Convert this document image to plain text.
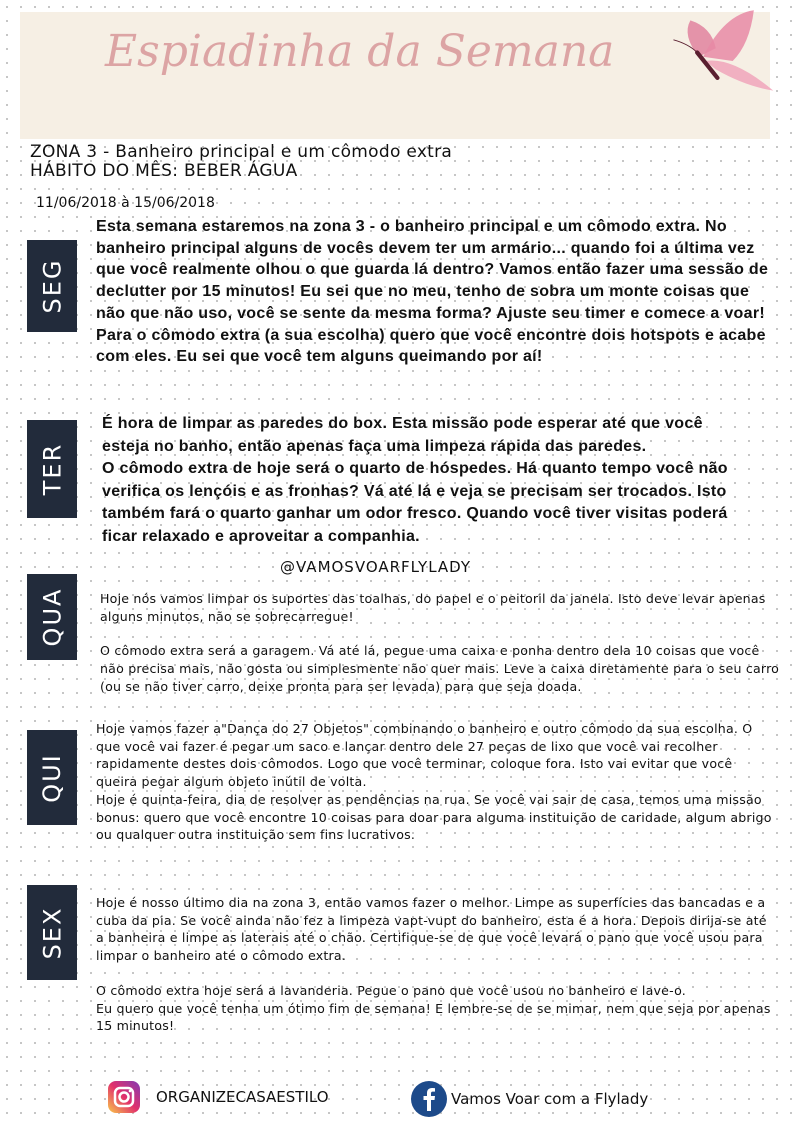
Espiadinha da Semana
ZONA 3 - Banheiro principal e um cômodo extra
HÁBITO DO MÊS: BEBER ÁGUA
11/06/2018 à 15/06/2018
SEG

Esta semana estaremos na zona 3 - o banheiro principal e um cômodo extra. No banheiro principal alguns de vocês devem ter um armário... quando foi a última vez que você realmente olhou o que guarda lá dentro? Vamos então fazer uma sessão de declutter por 15 minutos! Eu sei que no meu, tenho de sobra um monte coisas que não que não uso, você se sente da mesma forma? Ajuste seu timer e comece a voar! Para o cômodo extra (a sua escolha) quero que você encontre dois hotspots e acabe com eles. Eu sei que você tem alguns queimando por aí!

TER

É hora de limpar as paredes do box. Esta missão pode esperar até que você esteja no banho, então apenas faça uma limpeza rápida das paredes.

O cômodo extra de hoje será o quarto de hóspedes. Há quanto tempo você não verifica os lençóis e as fronhas? Vá até lá e veja se precisam ser trocados. Isto também fará o quarto ganhar um odor fresco. Quando você tiver visitas poderá ficar relaxado e aproveitar a companhia.

@VAMOSVOARFLYLADY
QUA	Hoje nós vamos limpar os suportes das toalhas, do papel e o peitoril da janela. Isto deve levar apenas alguns minutos, não se sobrecarregue!

O cômodo extra será a garagem. Vá até lá, pegue uma caixa e ponha dentro dela 10 coisas que você não precisa mais, não gosta ou simplesmente não quer mais. Leve a caixa diretamente para o seu carro (ou se não tiver carro, deixe pronta para ser levada) para que seja doada.

QUI

Hoje vamos fazer a"Dança do 27 Objetos" combinando o banheiro e outro cômodo da sua escolha. O que você vai fazer é pegar um saco e lançar dentro dele 27 peças de lixo que você vai recolher rapidamente destes dois cômodos. Logo que você terminar, coloque fora. Isto vai evitar que você queira pegar algum objeto inútil de volta.

Hoje é quinta-feira, dia de resolver as pendências na rua. Se você vai sair de casa, temos uma missão bonus: quero que você encontre 10 coisas para doar para alguma instituição de caridade, algum abrigo ou qualquer outra instituição sem fins lucrativos.

SEX

Hoje é nosso último dia na zona 3, então vamos fazer o melhor. Limpe as superfícies das bancadas e a cuba da pia. Se você ainda não fez a limpeza vapt-vupt do banheiro, esta é a hora. Depois dirija-se até a banheira e limpe as laterais até o chão. Certifique-se de que você levará o pano que você usou para limpar o banheiro até o cômodo extra.

O cômodo extra hoje será a lavanderia. Pegue o pano que você usou no banheiro e lave-o.

Eu quero que você tenha um ótimo fim de semana! E lembre-se de se mimar, nem que seja por apenas 15 minutos!

ORGANIZECASAESTILO	Vamos Voar com a Flylady
